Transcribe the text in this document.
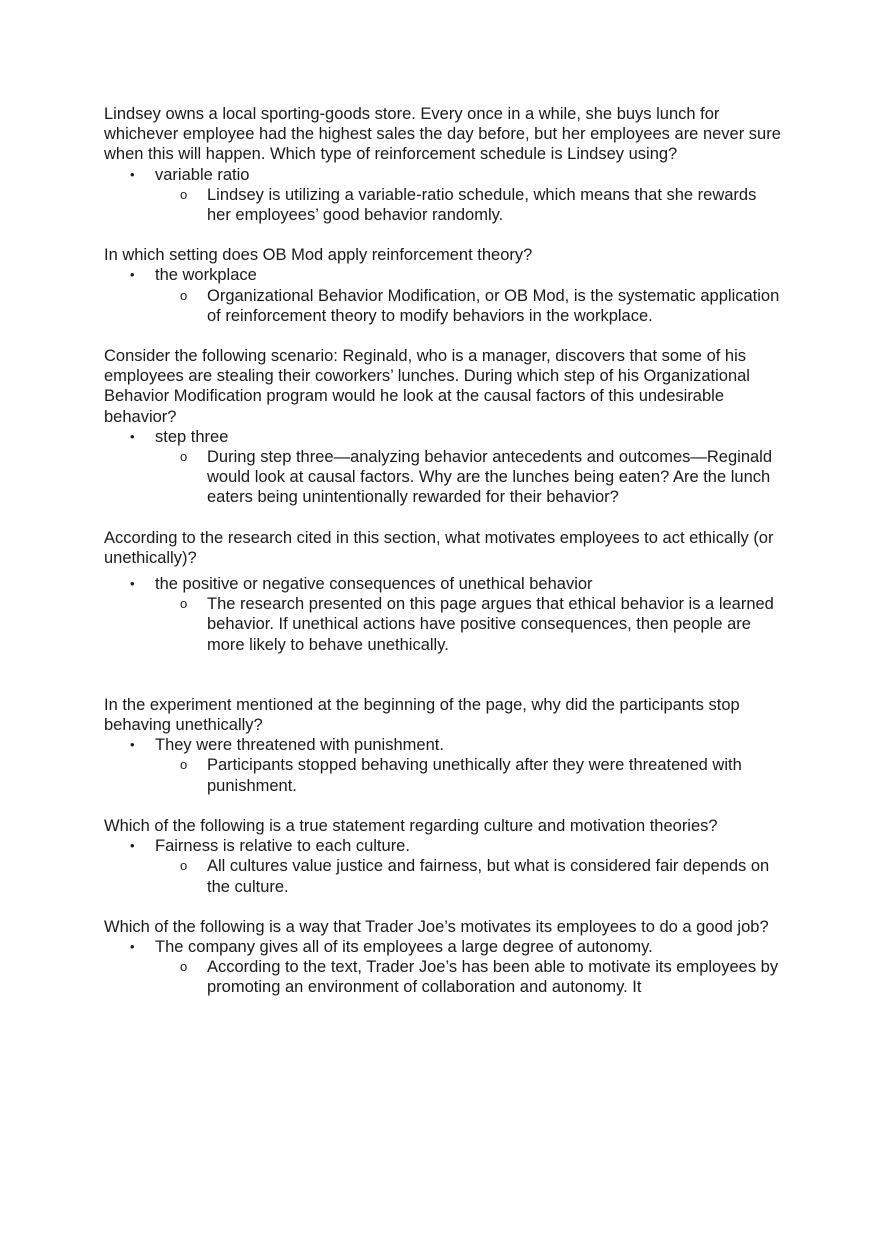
Lindsey owns a local sporting-goods store. Every once in a while, she buys lunch for whichever employee had the highest sales the day before, but her employees are never sure when this will happen. Which type of reinforcement schedule is Lindsey using?

•	variable ratio
o Lindsey is utilizing a variable-ratio schedule, which means that she rewards her employees’ good behavior randomly.

In which setting does OB Mod apply reinforcement theory?

•	the workplace
o Organizational Behavior Modification, or OB Mod, is the systematic application of reinforcement theory to modify behaviors in the workplace.

Consider the following scenario: Reginald, who is a manager, discovers that some of his employees are stealing their coworkers’ lunches. During which step of his Organizational Behavior Modification program would he look at the causal factors of this undesirable behavior?

•	step three
o During step three—analyzing behavior antecedents and outcomes—Reginald would look at causal factors. Why are the lunches being eaten? Are the lunch eaters being unintentionally rewarded for their behavior?

According to the research cited in this section, what motivates employees to act ethically (or unethically)?

•	the positive or negative consequences of unethical behavior
o The research presented on this page argues that ethical behavior is a learned behavior. If unethical actions have positive consequences, then people are more likely to behave unethically.

In the experiment mentioned at the beginning of the page, why did the participants stop behaving unethically?

•	They were threatened with punishment.
o Participants stopped behaving unethically after they were threatened with punishment.

Which of the following is a true statement regarding culture and motivation theories?

•	Fairness is relative to each culture.
o All cultures value justice and fairness, but what is considered fair depends on the culture.

Which of the following is a way that Trader Joe’s motivates its employees to do a good job?

•	The company gives all of its employees a large degree of autonomy.
o According to the text, Trader Joe’s has been able to motivate its employees by promoting an environment of collaboration and autonomy. It
